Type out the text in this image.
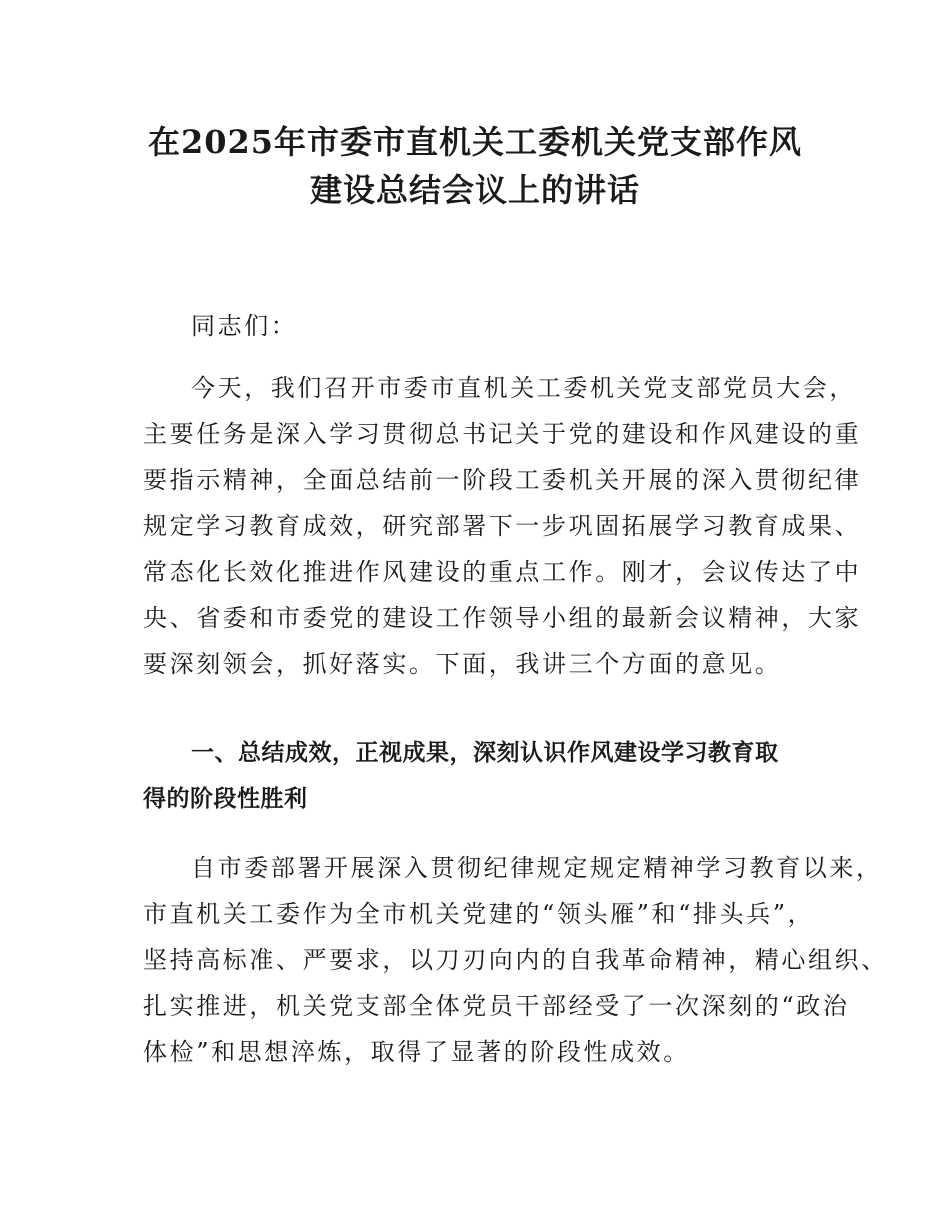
在2025年市委市直机关工委机关党支部作风
建设总结会议上的讲话
同志们：
今天，我们召开市委市直机关工委机关党支部党员大会，
主要任务是深入学习贯彻总书记关于党的建设和作风建设的重
要指示精神，全面总结前一阶段工委机关开展的深入贯彻纪律
规定学习教育成效，研究部署下一步巩固拓展学习教育成果、
常态化长效化推进作风建设的重点工作。刚才，会议传达了中
央、省委和市委党的建设工作领导小组的最新会议精神，大家
要深刻领会，抓好落实。下面，我讲三个方面的意见。
一、总结成效，正视成果，深刻认识作风建设学习教育取
得的阶段性胜利
自市委部署开展深入贯彻纪律规定规定精神学习教育以来，
市直机关工委作为全市机关党建的“领头雁”和“排头兵”，
坚持高标准、严要求，以刀刃向内的自我革命精神，精心组织、
扎实推进，机关党支部全体党员干部经受了一次深刻的“政治
体检”和思想淬炼，取得了显著的阶段性成效。
